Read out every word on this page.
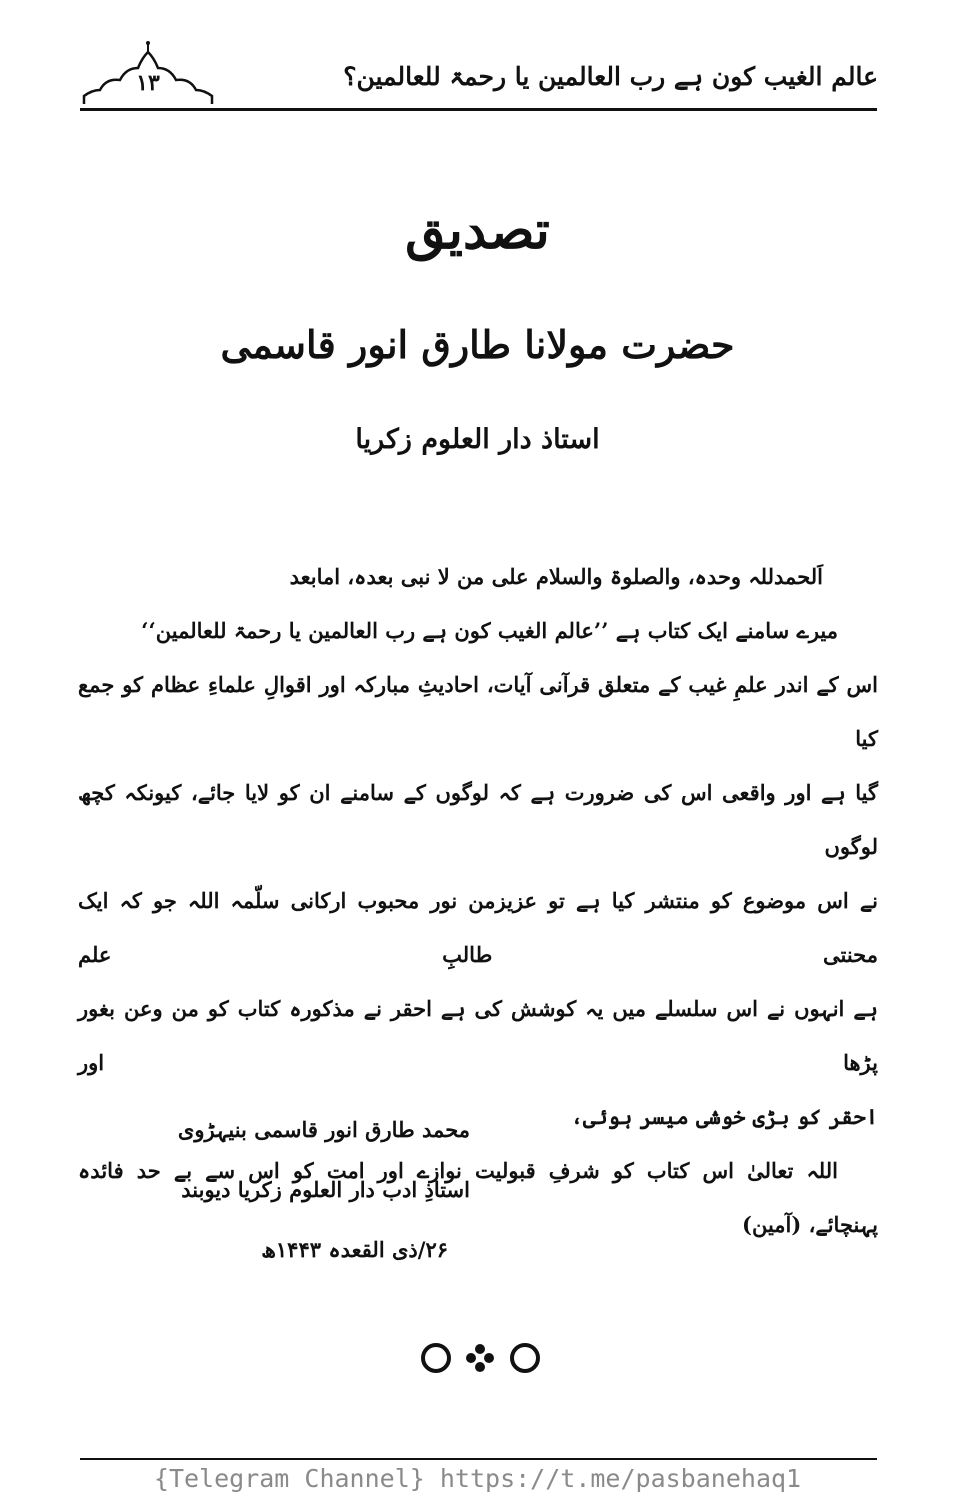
۱۳	عالم الغیب کون ہے رب العالمین یا رحمۃ للعالمین؟
تصدیق
حضرت مولانا طارق انور قاسمی
استاذ دار العلوم زکریا

اَلحمدللہ وحدہ، والصلوۃ والسلام علی من لا نبی بعدہ، امابعد

میرے سامنے ایک کتاب ہے ’’عالم الغیب کون ہے رب العالمین یا رحمۃ للعالمین‘‘

اس کے اندر علمِ غیب کے متعلق قرآنی آیات، احادیثِ مبارکہ اور اقوالِ علماءِ عظام کو جمع کیا

گیا ہے اور واقعی اس کی ضرورت ہے کہ لوگوں کے سامنے ان کو لایا جائے، کیونکہ کچھ لوگوں

نے اس موضوع کو منتشر کیا ہے تو عزیزمن نور محبوب ارکانی سلّمہ اللہ جو کہ ایک محنتی طالبِ علم

ہے انہوں نے اس سلسلے میں یہ کوشش کی ہے احقر نے مذکورہ کتاب کو من وعن بغور پڑھا اور

احقر کو بڑی خوشی میسر ہوئی،

اللہ تعالیٰ اس کتاب کو شرفِ قبولیت نوازے اور امت کو اس سے بے حد فائدہ

پہنچائے، (آمین)

محمد طارق انور قاسمی بنیہڑوی
استاذِ ادب دار العلوم زکریا دیوبند
۲۶/ذی القعدہ ۱۴۴۳ھ
{Telegram Channel} https://t.me/pasbanehaq1
